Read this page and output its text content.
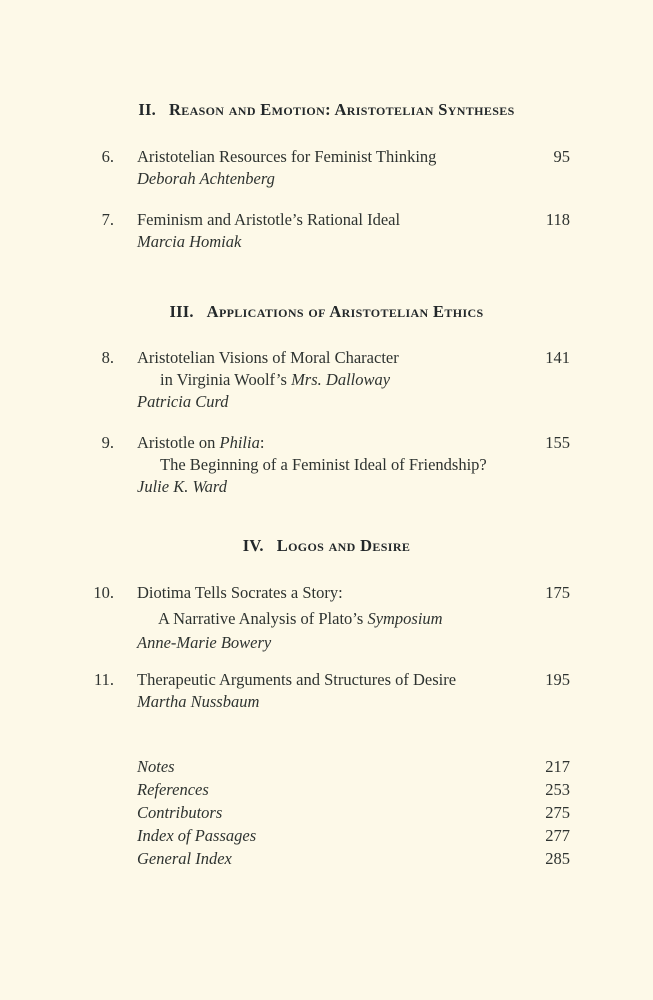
II. Reason and Emotion: Aristotelian Syntheses
6. Aristotelian Resources for Feminist Thinking
Deborah Achtenberg
95
7. Feminism and Aristotle’s Rational Ideal
Marcia Homiak
118
III. Applications of Aristotelian Ethics
8. Aristotelian Visions of Moral Character
in Virginia Woolf’s Mrs. Dalloway
Patricia Curd
141
9. Aristotle on Philia:
The Beginning of a Feminist Ideal of Friendship?
Julie K. Ward
155
IV. Logos and Desire
10. Diotima Tells Socrates a Story:
A Narrative Analysis of Plato’s Symposium
Anne-Marie Bowery
175
11. Therapeutic Arguments and Structures of Desire
Martha Nussbaum
195
Notes	217
References	253
Contributors	275
Index of Passages	277
General Index	285
